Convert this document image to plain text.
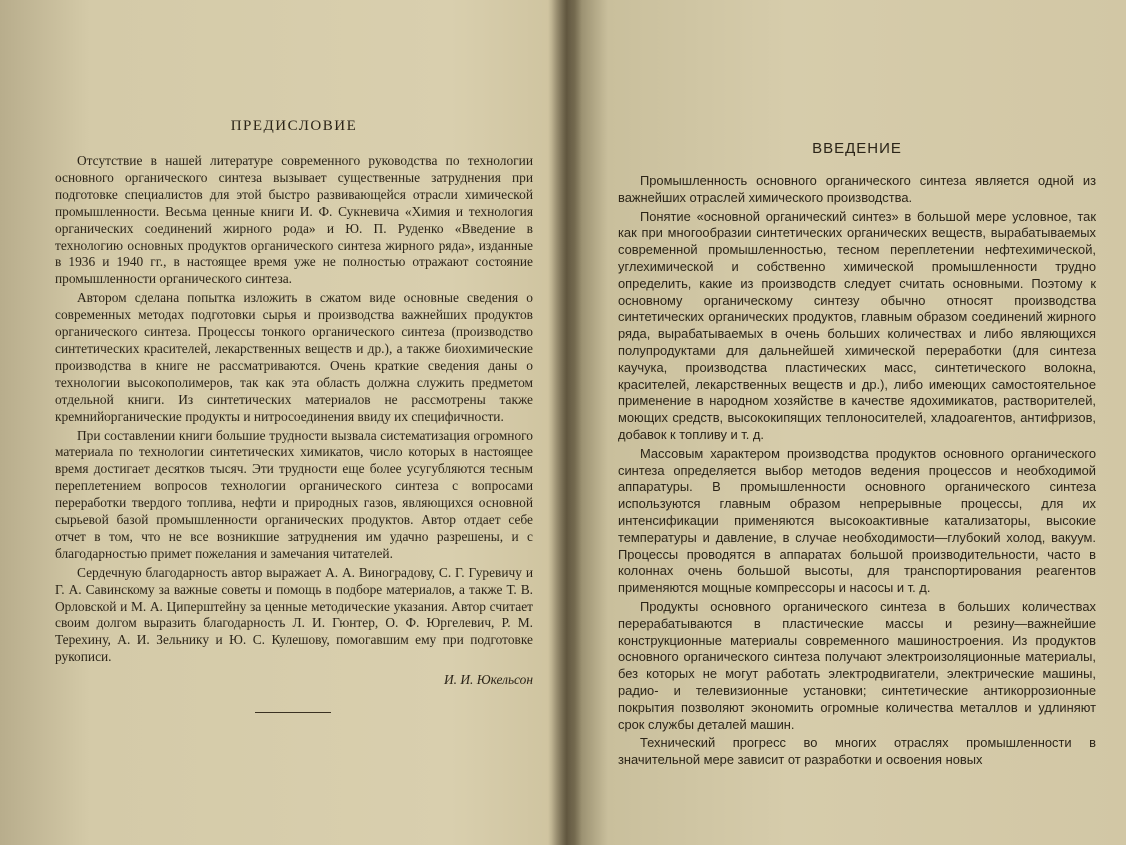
ПРЕДИСЛОВИЕ

Отсутствие в нашей литературе современного руководства по технологии основного органического синтеза вызывает существенные затруднения при подготовке специалистов для этой быстро развивающейся отрасли химической промышленности. Весьма ценные книги И. Ф. Сукневича «Химия и технология органических соединений жирного рода» и Ю. П. Руденко «Введение в технологию основных продуктов органического синтеза жирного ряда», изданные в 1936 и 1940 гг., в настоящее время уже не полностью отражают состояние промышленности органического синтеза.

Автором сделана попытка изложить в сжатом виде основные сведения о современных методах подготовки сырья и производства важнейших продуктов органического синтеза. Процессы тонкого органического синтеза (производство синтетических красителей, лекарственных веществ и др.), а также биохимические производства в книге не рассматриваются. Очень краткие сведения даны о технологии высокополимеров, так как эта область должна служить предметом отдельной книги. Из синтетических материалов не рассмотрены также кремнийорганические продукты и нитросоединения ввиду их специфичности.

При составлении книги большие трудности вызвала систематизация огромного материала по технологии синтетических химикатов, число которых в настоящее время достигает десятков тысяч. Эти трудности еще более усугубляются тесным переплетением вопросов технологии органического синтеза с вопросами переработки твердого топлива, нефти и природных газов, являющихся основной сырьевой базой промышленности органических продуктов. Автор отдает себе отчет в том, что не все возникшие затруднения им удачно разрешены, и с благодарностью примет пожелания и замечания читателей.

Сердечную благодарность автор выражает А. А. Виноградову, С. Г. Гуревичу и Г. А. Савинскому за важные советы и помощь в подборе материалов, а также Т. В. Орловской и М. А. Циперштейну за ценные методические указания. Автор считает своим долгом выразить благодарность Л. И. Гюнтер, О. Ф. Юргелевич, Р. М. Терехину, А. И. Зельнику и Ю. С. Кулешову, помогавшим ему при подготовке рукописи.

И. И. Юкельсон
ВВЕДЕНИЕ

Промышленность основного органического синтеза является одной из важнейших отраслей химического производства.

Понятие «основной органический синтез» в большой мере условное, так как при многообразии синтетических органических веществ, вырабатываемых современной промышленностью, тесном переплетении нефтехимической, углехимической и собственно химической промышленности трудно определить, какие из производств следует считать основными. Поэтому к основному органическому синтезу обычно относят производства синтетических органических продуктов, главным образом соединений жирного ряда, вырабатываемых в очень больших количествах и либо являющихся полупродуктами для дальнейшей химической переработки (для синтеза каучука, производства пластических масс, синтетического волокна, красителей, лекарственных веществ и др.), либо имеющих самостоятельное применение в народном хозяйстве в качестве ядохимикатов, растворителей, моющих средств, высококипящих теплоносителей, хладоагентов, антифризов, добавок к топливу и т. д.

Массовым характером производства продуктов основного органического синтеза определяется выбор методов ведения процессов и необходимой аппаратуры. В промышленности основного органического синтеза используются главным образом непрерывные процессы, для их интенсификации применяются высокоактивные катализаторы, высокие температуры и давление, в случае необходимости—глубокий холод, вакуум. Процессы проводятся в аппаратах большой производительности, часто в колоннах очень большой высоты, для транспортирования реагентов применяются мощные компрессоры и насосы и т. д.

Продукты основного органического синтеза в больших количествах перерабатываются в пластические массы и резину—важнейшие конструкционные материалы современного машиностроения. Из продуктов основного органического синтеза получают электроизоляционные материалы, без которых не могут работать электродвигатели, электрические машины, радио- и телевизионные установки; синтетические антикоррозионные покрытия позволяют экономить огромные количества металлов и удлиняют срок службы деталей машин.

Технический прогресс во многих отраслях промышленности в значительной мере зависит от разработки и освоения новых
